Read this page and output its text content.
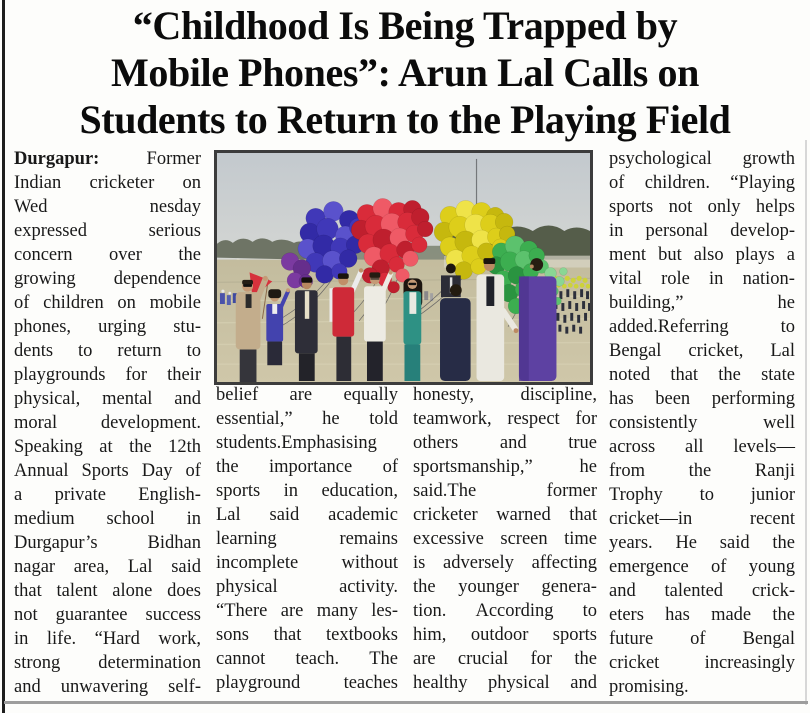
“Childhood Is Being Trapped by
Mobile Phones”: Arun Lal Calls on
Students to Return to the Playing Field
Durgapur:	Former
Indian cricketer on
Wed	nesday
expressed	serious
concern over the
growing dependence
of children on mobile
phones, urging stu-
dents to return to
playgrounds for their
physical, mental and
moral development.
Speaking at the 12th
Annual Sports Day of
a private English-
medium school in
Durgapur’s	Bidhan
nagar area, Lal said
that talent alone does
not guarantee success
in life. “Hard work,
strong determination
and unwavering self-
belief are equally
essential,” he told
students.Emphasising
the importance of
sports in education,
Lal said academic
learning	remains
incomplete without
physical	activity.
“There are many les-
sons that textbooks
cannot teach. The
playground teaches
honesty,	discipline,
teamwork, respect for
others and true
sportsmanship,”	he
said.The	former
cricketer warned that
excessive screen time
is adversely affecting
the younger genera-
tion. According to
him, outdoor sports
are crucial for the
healthy physical and
psychological growth
of children. “Playing
sports not only helps
in personal develop-
ment but also plays a
vital role in nation-
building,”	he
added.Referring	to
Bengal cricket, Lal
noted that the state
has been performing
consistently	well
across all levels—
from the Ranji
Trophy to junior
cricket—in	recent
years. He said the
emergence of young
and talented crick-
eters has made the
future of Bengal
cricket increasingly
promising.
